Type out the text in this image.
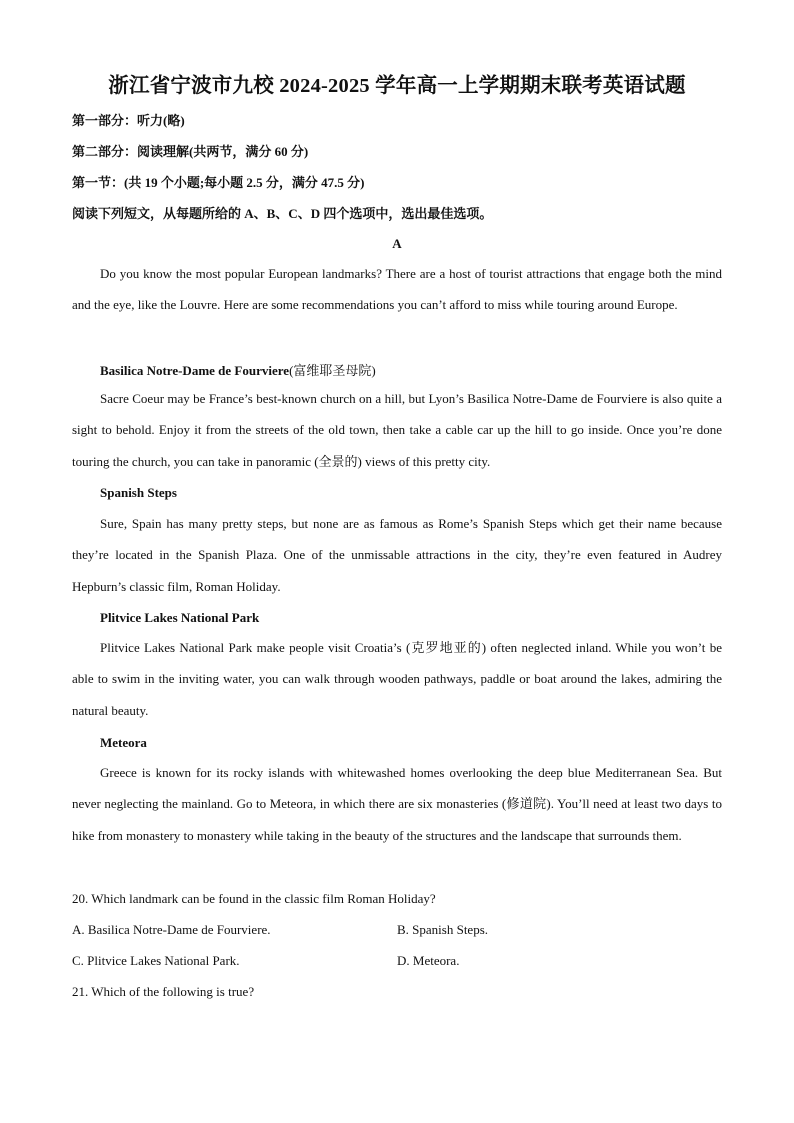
浙江省宁波市九校 2024-2025 学年高一上学期期末联考英语试题
第一部分：听力(略)
第二部分：阅读理解(共两节，满分 60 分)
第一节：(共 19 个小题;每小题 2.5 分，满分 47.5 分)
阅读下列短文，从每题所给的 A、B、C、D 四个选项中，选出最佳选项。
A

Do you know the most popular European landmarks? There are a host of tourist attractions that engage both the mind and the eye, like the Louvre. Here are some recommendations you can’t afford to miss while touring around Europe.

Basilica Notre-Dame de Fourviere(富维耶圣母院)

Sacre Coeur may be France’s best-known church on a hill, but Lyon’s Basilica Notre-Dame de Fourviere is also quite a sight to behold. Enjoy it from the streets of the old town, then take a cable car up the hill to go inside. Once you’re done touring the church, you can take in panoramic (全景的) views of this pretty city.

Spanish Steps

Sure, Spain has many pretty steps, but none are as famous as Rome’s Spanish Steps which get their name because they’re located in the Spanish Plaza. One of the unmissable attractions in the city, they’re even featured in Audrey Hepburn’s classic film, Roman Holiday.

Plitvice Lakes National Park

Plitvice Lakes National Park make people visit Croatia’s (克罗地亚的) often neglected inland. While you won’t be able to swim in the inviting water, you can walk through wooden pathways, paddle or boat around the lakes, admiring the natural beauty.

Meteora

Greece is known for its rocky islands with whitewashed homes overlooking the deep blue Mediterranean Sea. But never neglecting the mainland. Go to Meteora, in which there are six monasteries (修道院). You’ll need at least two days to hike from monastery to monastery while taking in the beauty of the structures and the landscape that surrounds them.

20. Which landmark can be found in the classic film Roman Holiday?
A. Basilica Notre-Dame de Fourviere.	B. Spanish Steps.
C. Plitvice Lakes National Park.	D. Meteora.
21. Which of the following is true?
